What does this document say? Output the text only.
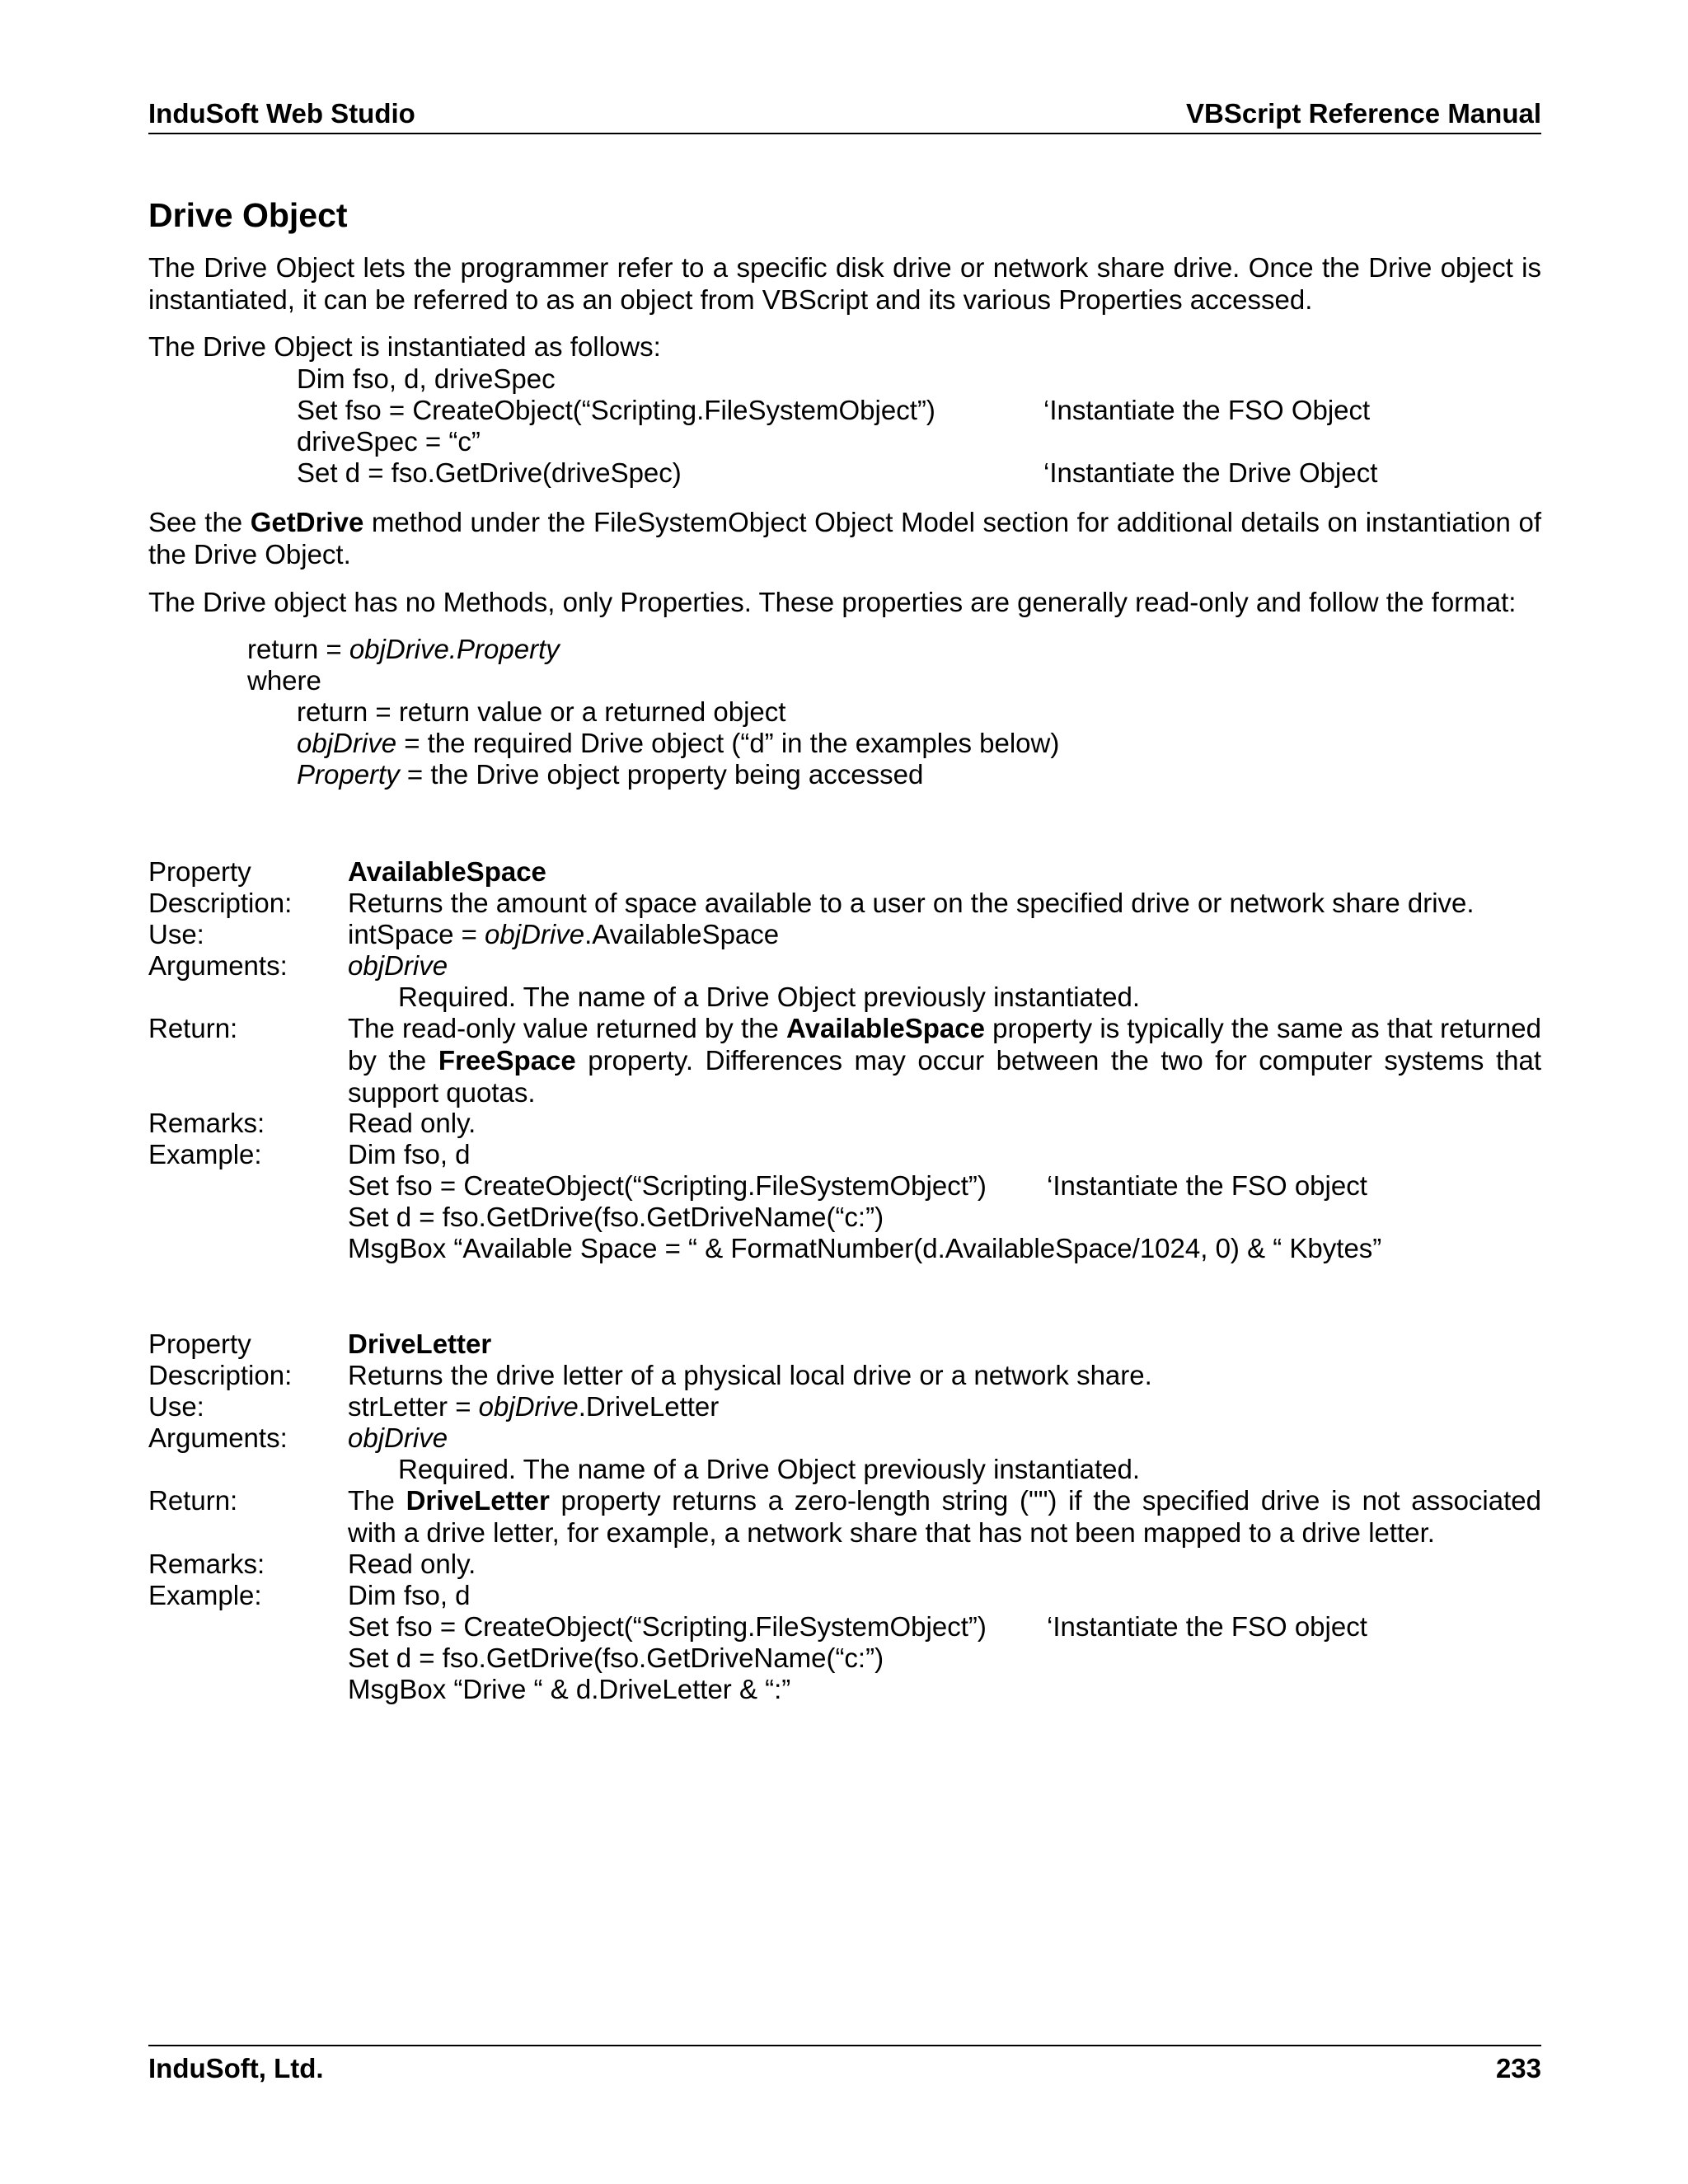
InduSoft Web Studio	VBScript Reference Manual
Drive Object
The Drive Object lets the programmer refer to a specific disk drive or network share drive. Once the Drive object is instantiated, it can be referred to as an object from VBScript and its various Properties accessed.
The Drive Object is instantiated as follows:
Dim fso, d, driveSpec
Set fso = CreateObject(“Scripting.FileSystemObject”)	‘Instantiate the FSO Object
driveSpec = “c”
Set d = fso.GetDrive(driveSpec)	‘Instantiate the Drive Object
See the GetDrive method under the FileSystemObject Object Model section for additional details on instantiation of the Drive Object.
The Drive object has no Methods, only Properties. These properties are generally read-only and follow the format:
return = objDrive.Property
where
return = return value or a returned object
objDrive = the required Drive object (“d” in the examples below)
Property = the Drive object property being accessed
Property	AvailableSpace
Description: Returns the amount of space available to a user on the specified drive or network share drive.
Use:	intSpace = objDrive.AvailableSpace
Arguments: objDrive
Required. The name of a Drive Object previously instantiated.
Return:	The read-only value returned by the AvailableSpace property is typically the same as that returned by the FreeSpace property. Differences may occur between the two for computer systems that support quotas.
Remarks:	Read only.
Example:	Dim fso, d
Set fso = CreateObject(“Scripting.FileSystemObject”) ‘Instantiate the FSO object
Set d = fso.GetDrive(fso.GetDriveName(“c:”)
MsgBox “Available Space = “ & FormatNumber(d.AvailableSpace/1024, 0) & “ Kbytes”
Property	DriveLetter
Description: Returns the drive letter of a physical local drive or a network share.
Use:	strLetter = objDrive.DriveLetter
Arguments: objDrive
Required. The name of a Drive Object previously instantiated.
Return:	The DriveLetter property returns a zero-length string ("") if the specified drive is not associated with a drive letter, for example, a network share that has not been mapped to a drive letter.
Remarks:	Read only.
Example:	Dim fso, d
Set fso = CreateObject(“Scripting.FileSystemObject”) ‘Instantiate the FSO object
Set d = fso.GetDrive(fso.GetDriveName(“c:”)
MsgBox “Drive “ & d.DriveLetter & “:”
InduSoft, Ltd.	233
